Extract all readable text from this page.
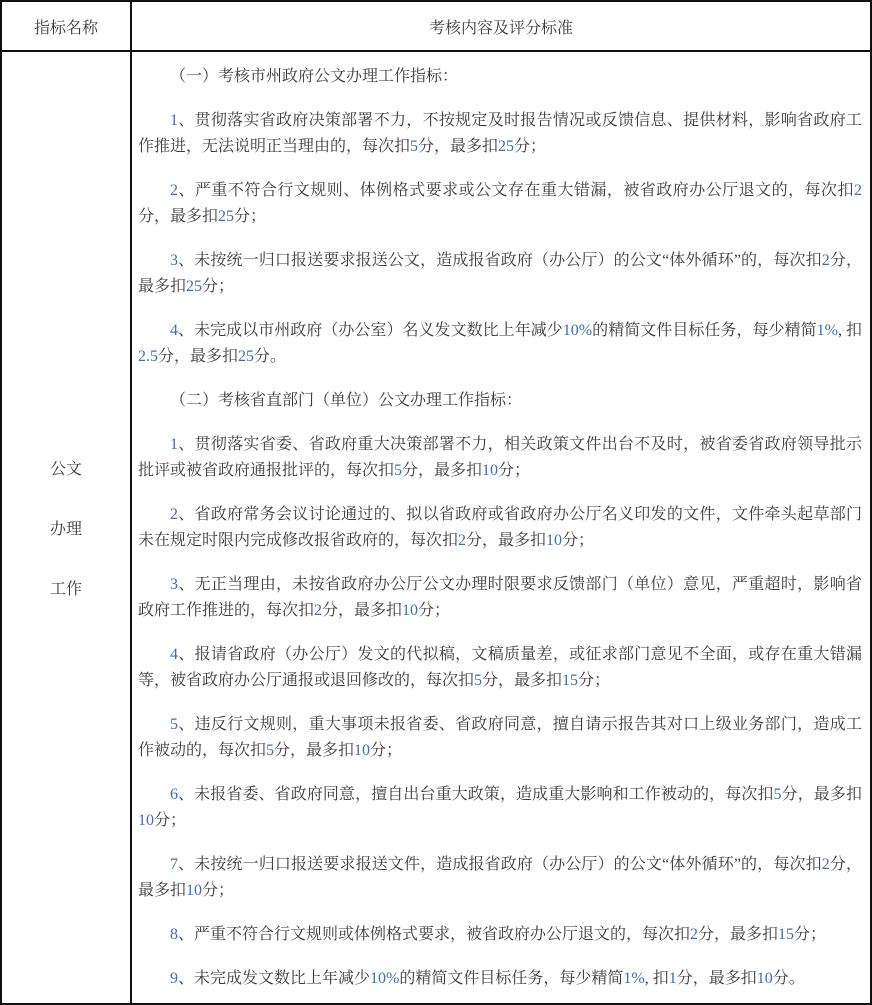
指标名称	考核内容及评分标准
公文
办理
工作

（一）考核市州政府公文办理工作指标：

1、贯彻落实省政府决策部署不力，不按规定及时报告情况或反馈信息、提供材料，影响省政府工作推进，无法说明正当理由的，每次扣5分，最多扣25分；

2、严重不符合行文规则、体例格式要求或公文存在重大错漏，被省政府办公厅退文的，每次扣2分，最多扣25分；

3、未按统一归口报送要求报送公文，造成报省政府（办公厅）的公文“体外循环”的，每次扣2分，最多扣25分；

4、未完成以市州政府（办公室）名义发文数比上年减少10%的精简文件目标任务，每少精简1%, 扣2.5分，最多扣25分。

（二）考核省直部门（单位）公文办理工作指标：

1、贯彻落实省委、省政府重大决策部署不力，相关政策文件出台不及时，被省委省政府领导批示批评或被省政府通报批评的，每次扣5分，最多扣10分；

2、省政府常务会议讨论通过的、拟以省政府或省政府办公厅名义印发的文件，文件牵头起草部门未在规定时限内完成修改报省政府的，每次扣2分，最多扣10分；

3、无正当理由，未按省政府办公厅公文办理时限要求反馈部门（单位）意见，严重超时，影响省政府工作推进的，每次扣2分，最多扣10分；

4、报请省政府（办公厅）发文的代拟稿，文稿质量差，或征求部门意见不全面，或存在重大错漏等，被省政府办公厅通报或退回修改的，每次扣5分，最多扣15分；

5、违反行文规则，重大事项未报省委、省政府同意，擅自请示报告其对口上级业务部门，造成工作被动的，每次扣5分，最多扣10分；

6、未报省委、省政府同意，擅自出台重大政策，造成重大影响和工作被动的，每次扣5分，最多扣10分；

7、未按统一归口报送要求报送文件，造成报省政府（办公厅）的公文“体外循环”的，每次扣2分，最多扣10分；

8、严重不符合行文规则或体例格式要求，被省政府办公厅退文的，每次扣2分，最多扣15分；

9、未完成发文数比上年减少10%的精简文件目标任务，每少精简1%, 扣1分，最多扣10分。
